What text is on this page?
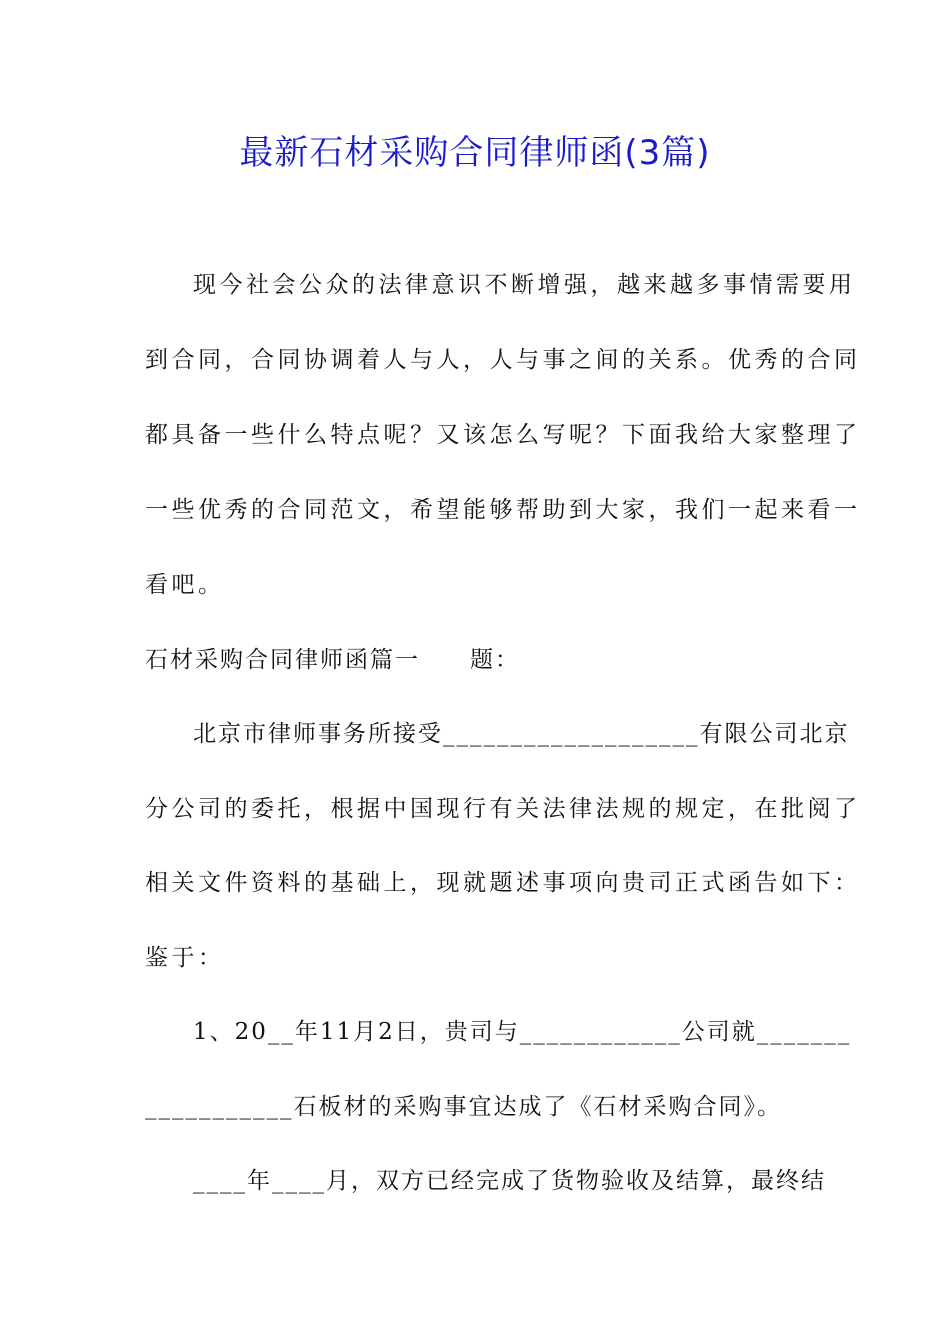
最新石材采购合同律师函(3篇)
现今社会公众的法律意识不断增强，越来越多事情需要用
到合同，合同协调着人与人，人与事之间的关系。优秀的合同
都具备一些什么特点呢？又该怎么写呢？下面我给大家整理了
一些优秀的合同范文，希望能够帮助到大家，我们一起来看一
看吧。
石材采购合同律师函篇一　　题：
北京市律师事务所接受___________________有限公司北京
分公司的委托，根据中国现行有关法律法规的规定，在批阅了
相关文件资料的基础上，现就题述事项向贵司正式函告如下：
鉴于：
1、20__年11月2日，贵司与____________公司就_______
___________石板材的采购事宜达成了《石材采购合同》。
____年____月，双方已经完成了货物验收及结算，最终结
